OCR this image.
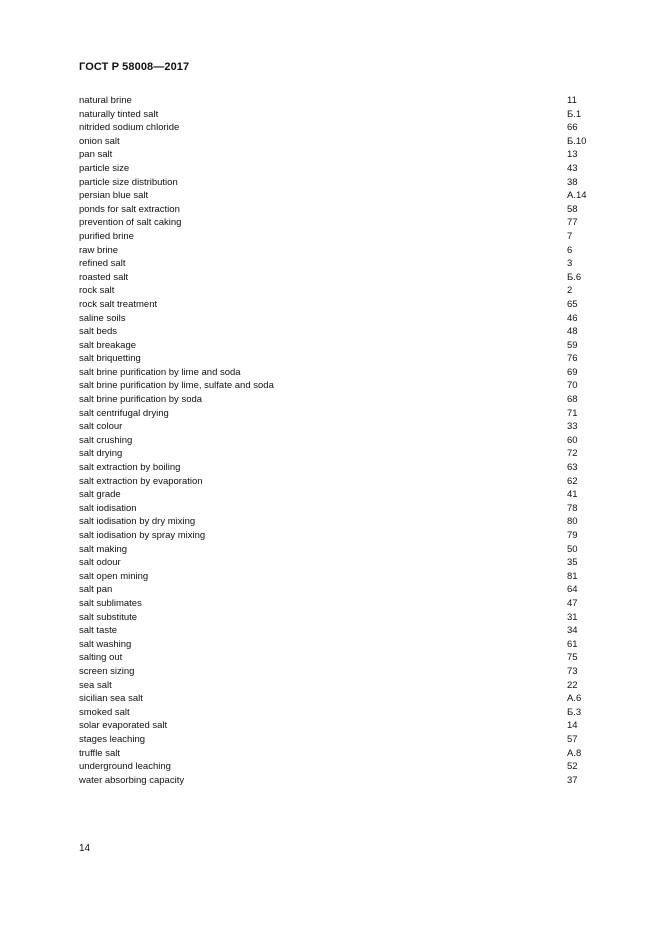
ГОСТ Р 58008—2017
natural brine	11
naturally tinted salt	Б.1
nitrided sodium chloride	66
onion salt	Б.10
pan salt	13
particle size	43
particle size distribution	38
persian blue salt	А.14
ponds for salt extraction	58
prevention of salt caking	77
purified brine	7
raw brine	6
refined salt	3
roasted salt	Б.6
rock salt	2
rock salt treatment	65
saline soils	46
salt beds	48
salt breakage	59
salt briquetting	76
salt brine purification by lime and soda	69
salt brine purification by lime, sulfate and soda	70
salt brine purification by soda	68
salt centrifugal drying	71
salt colour	33
salt crushing	60
salt drying	72
salt extraction by boiling	63
salt extraction by evaporation	62
salt grade	41
salt iodisation	78
salt iodisation by dry mixing	80
salt iodisation by spray mixing	79
salt making	50
salt odour	35
salt open mining	81
salt pan	64
salt sublimates	47
salt substitute	31
salt taste	34
salt washing	61
salting out	75
screen sizing	73
sea salt	22
sicilian sea salt	А.6
smoked salt	Б.3
solar evaporated salt	14
stages leaching	57
truffle salt	А.8
underground leaching	52
water absorbing capacity	37
14
